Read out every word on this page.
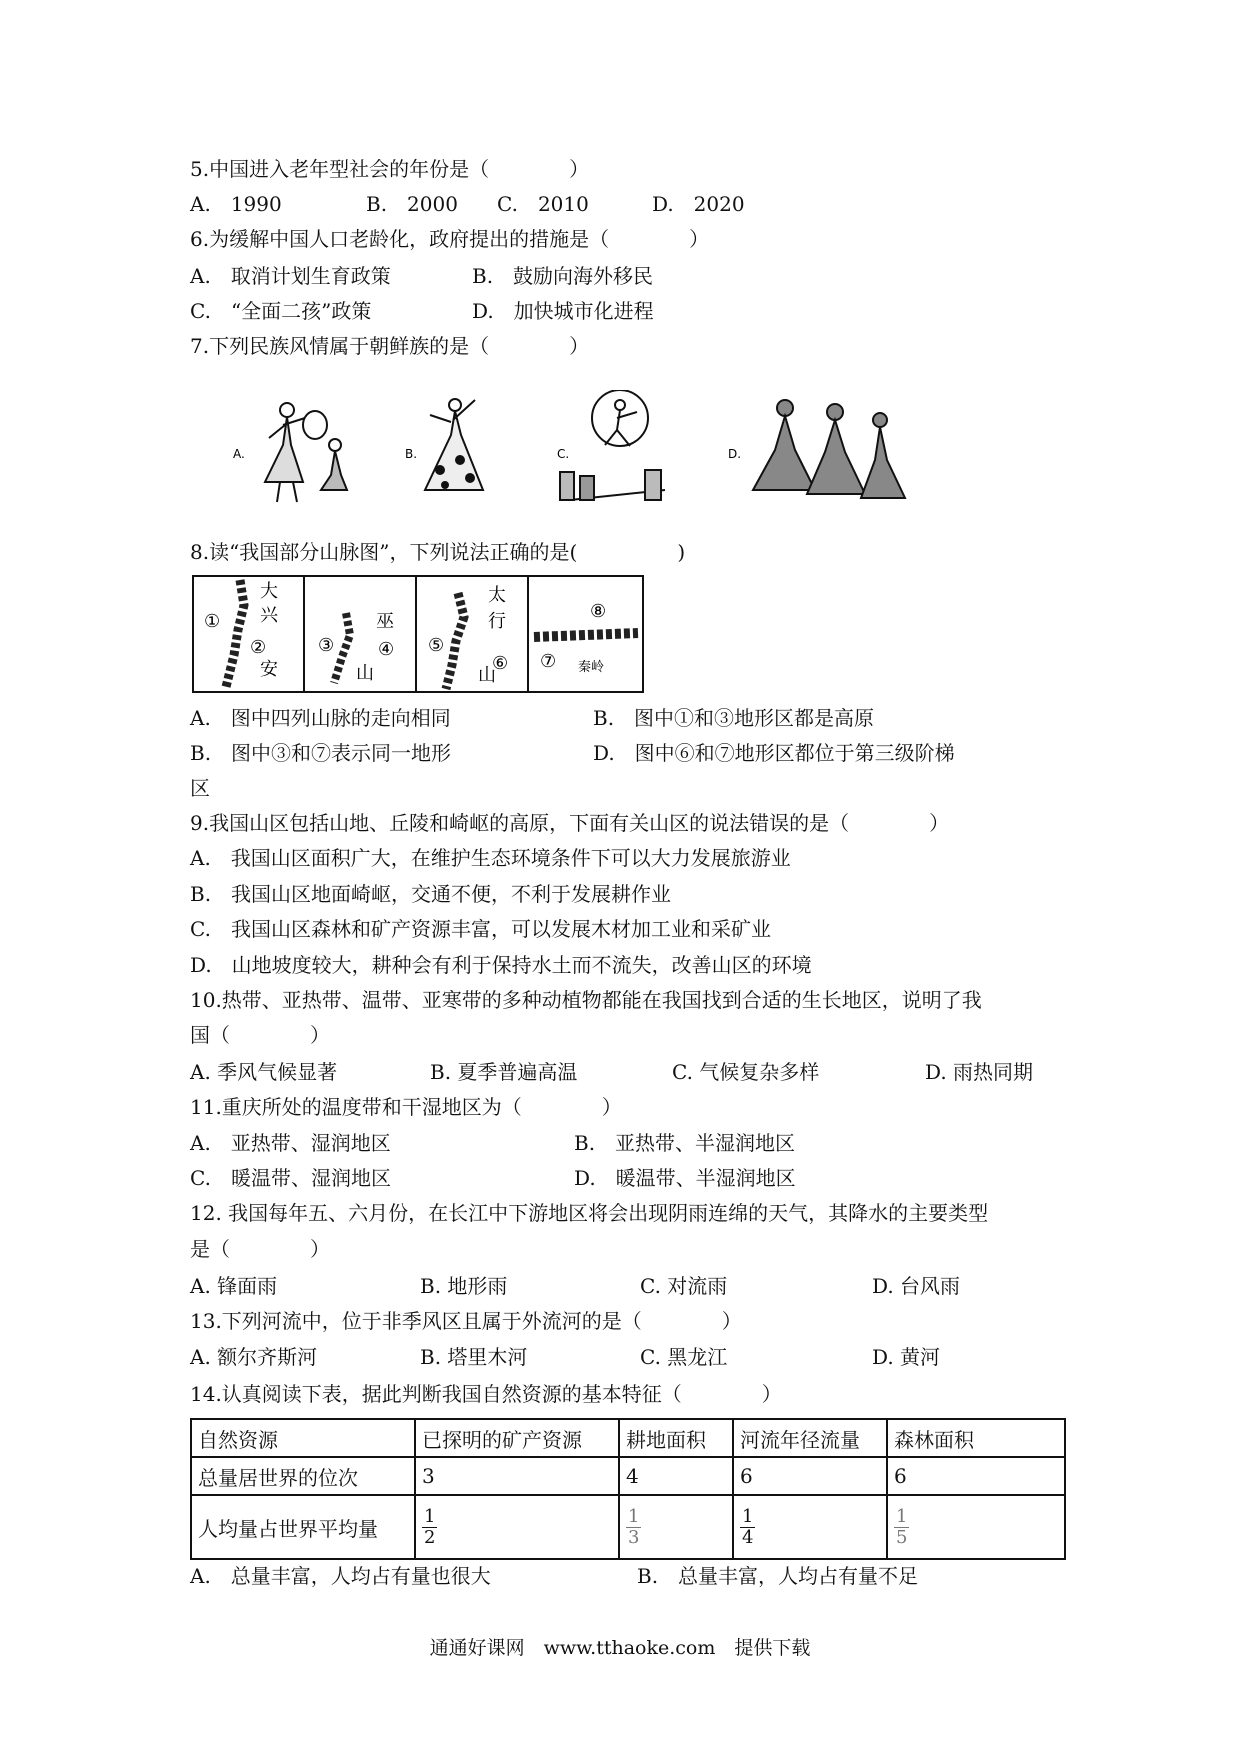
5.中国进入老年型社会的年份是（　　　　）
A.　1990	B.　2000 C.　2010	D.　2020
6.为缓解中国人口老龄化，政府提出的措施是（　　　　）
A.　取消计划生育政策	B.　鼓励向海外移民
C.　“全面二孩”政策	D.　加快城市化进程
7.下列民族风情属于朝鲜族的是（　　　　）
A.	B.	C.	D.
8.读“我国部分山脉图”，下列说法正确的是(　　　　　)
①
②
大
兴
安
③ ④
巫
山
⑤
⑥
太
行
山
⑦
⑧
秦岭
A.　图中四列山脉的走向相同	B.　图中①和③地形区都是高原
B.　图中③和⑦表示同一地形	D.　图中⑥和⑦地形区都位于第三级阶梯
区
9.我国山区包括山地、丘陵和崎岖的高原，下面有关山区的说法错误的是（　　　　）
A.　我国山区面积广大，在维护生态环境条件下可以大力发展旅游业
B.　我国山区地面崎岖，交通不便，不利于发展耕作业
C.　我国山区森林和矿产资源丰富，可以发展木材加工业和采矿业
D.　山地坡度较大，耕种会有利于保持水土而不流失，改善山区的环境
10.热带、亚热带、温带、亚寒带的多种动植物都能在我国找到合适的生长地区，说明了我
国（　　　　）
A. 季风气候显著	B. 夏季普遍高温	C. 气候复杂多样	D. 雨热同期
11.重庆所处的温度带和干湿地区为（　　　　）
A.　亚热带、湿润地区	B.　亚热带、半湿润地区
C.　暖温带、湿润地区	D.　暖温带、半湿润地区
12. 我国每年五、六月份，在长江中下游地区将会出现阴雨连绵的天气，其降水的主要类型
是（　　　　）
A. 锋面雨	B. 地形雨	C. 对流雨	D. 台风雨
13.下列河流中，位于非季风区且属于外流河的是（　　　　）
A. 额尔齐斯河	B. 塔里木河	C. 黑龙江	D. 黄河
14.认真阅读下表，据此判断我国自然资源的基本特征（　　　　）
自然资源	已探明的矿产资源	耕地面积	河流年径流量	森林面积
总量居世界的位次	3	4	6	6
人均量占世界平均量	$\frac{1}{2}$	$\frac{1}{3}$	$\frac{1}{4}$	$\frac{1}{5}$
A.　总量丰富，人均占有量也很大	B.　总量丰富，人均占有量不足
通通好课网　www.tthaoke.com　提供下载
